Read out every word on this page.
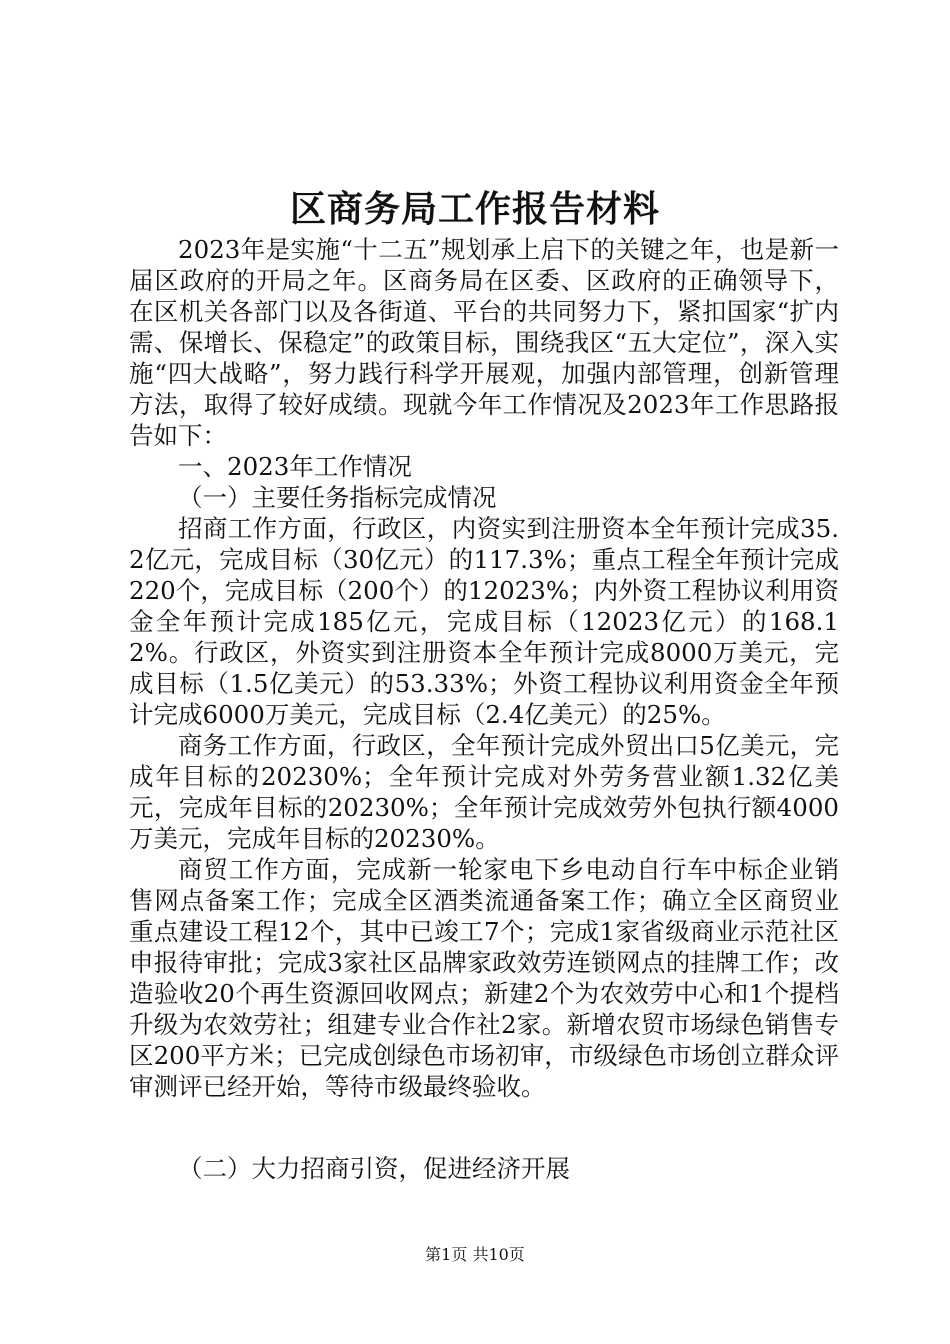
区商务局工作报告材料

2023年是实施“十二五”规划承上启下的关键之年，也是新一届区政府的开局之年。区商务局在区委、区政府的正确领导下，在区机关各部门以及各街道、平台的共同努力下，紧扣国家“扩内需、保增长、保稳定”的政策目标，围绕我区“五大定位”，深入实施“四大战略”，努力践行科学开展观，加强内部管理，创新管理方法，取得了较好成绩。现就今年工作情况及2023年工作思路报告如下：

一、2023年工作情况

（一）主要任务指标完成情况

招商工作方面，行政区，内资实到注册资本全年预计完成35.2亿元，完成目标（30亿元）的117.3%；重点工程全年预计完成220个，完成目标（200个）的12023%；内外资工程协议利用资金全年预计完成185亿元，完成目标（12023亿元）的168.12%。行政区，外资实到注册资本全年预计完成8000万美元，完成目标（1.5亿美元）的53.33%；外资工程协议利用资金全年预计完成6000万美元，完成目标（2.4亿美元）的25%。

商务工作方面，行政区，全年预计完成外贸出口5亿美元，完成年目标的20230%；全年预计完成对外劳务营业额1.32亿美元，完成年目标的20230%；全年预计完成效劳外包执行额4000万美元，完成年目标的20230%。

商贸工作方面，完成新一轮家电下乡电动自行车中标企业销售网点备案工作；完成全区酒类流通备案工作；确立全区商贸业重点建设工程12个，其中已竣工7个；完成1家省级商业示范社区申报待审批；完成3家社区品牌家政效劳连锁网点的挂牌工作；改造验收20个再生资源回收网点；新建2个为农效劳中心和1个提档升级为农效劳社；组建专业合作社2家。新增农贸市场绿色销售专区200平方米；已完成创绿色市场初审，市级绿色市场创立群众评审测评已经开始，等待市级最终验收。

（二）大力招商引资，促进经济开展

第1页 共10页
